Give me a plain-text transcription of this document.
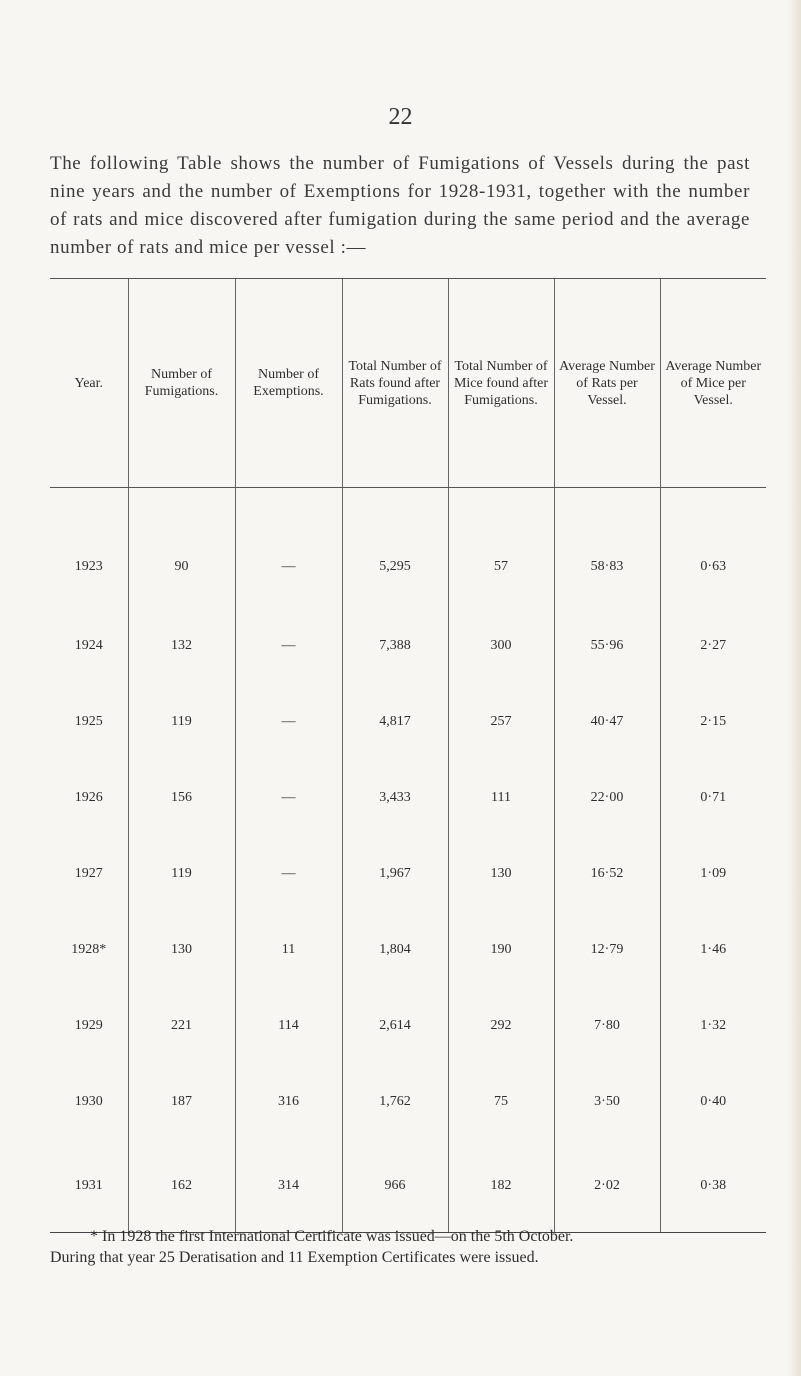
22
The following Table shows the number of Fumigations of Vessels during the past nine years and the number of Exemptions for 1928-1931, together with the number of rats and mice discovered after fumigation during the same period and the average number of rats and mice per vessel :—
Year.	Number of Fumigations.	Number of Exemptions.	Total Number of Rats found after Fumigations.	Total Number of Mice found after Fumigations.	Average Number of Rats per Vessel.	Average Number of Mice per Vessel.
1923	90	—	5,295	57	58·83	0·63
1924	132	—	7,388	300	55·96	2·27
1925	119	—	4,817	257	40·47	2·15
1926	156	—	3,433	111	22·00	0·71
1927	119	—	1,967	130	16·52	1·09
1928*	130	11	1,804	190	12·79	1·46
1929	221	114	2,614	292	7·80	1·32
1930	187	316	1,762	75	3·50	0·40
1931	162	314	966	182	2·02	0·38
* In 1928 the first International Certificate was issued—on the 5th October.
During that year 25 Deratisation and 11 Exemption Certificates were issued.
